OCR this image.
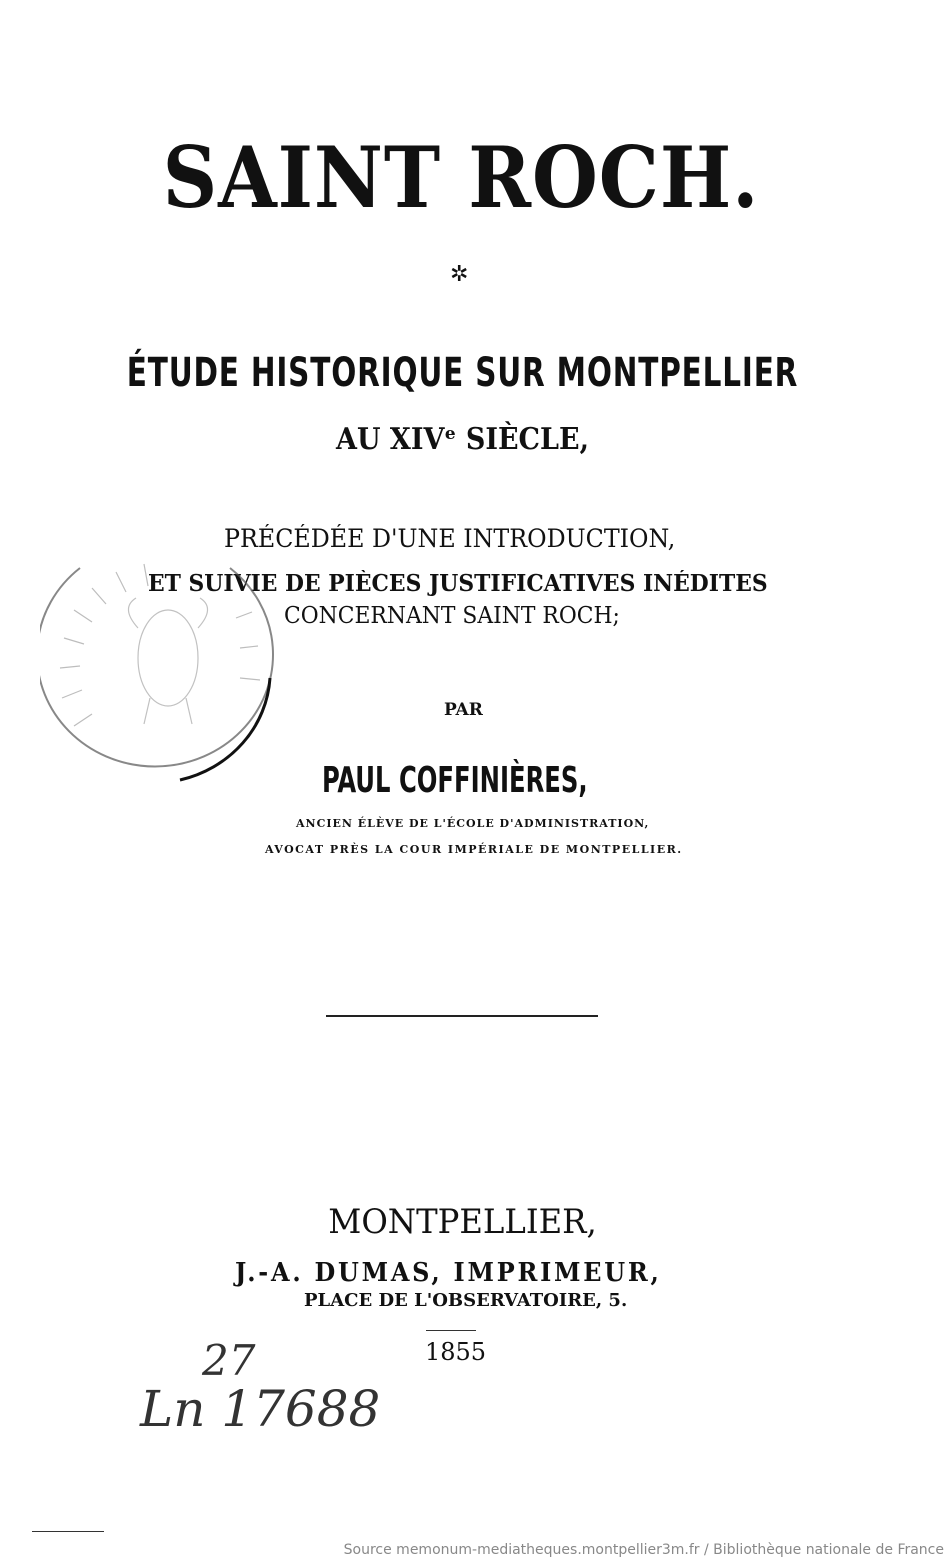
SAINT ROCH.
✲
ÉTUDE HISTORIQUE SUR MONTPELLIER
AU XIVᵉ SIÈCLE,
PRÉCÉDÉE D'UNE INTRODUCTION,
ET SUIVIE DE PIÈCES JUSTIFICATIVES INÉDITES
CONCERNANT SAINT ROCH;
PAR
PAUL COFFINIÈRES,
ANCIEN ÉLÈVE DE L'ÉCOLE D'ADMINISTRATION,
AVOCAT PRÈS LA COUR IMPÉRIALE DE MONTPELLIER.
MONTPELLIER,
J.-A. DUMAS, IMPRIMEUR,
PLACE DE L'OBSERVATOIRE, 5.
1855
27
Ln 17688
Source memonum-mediatheques.montpellier3m.fr / Bibliothèque nationale de France
